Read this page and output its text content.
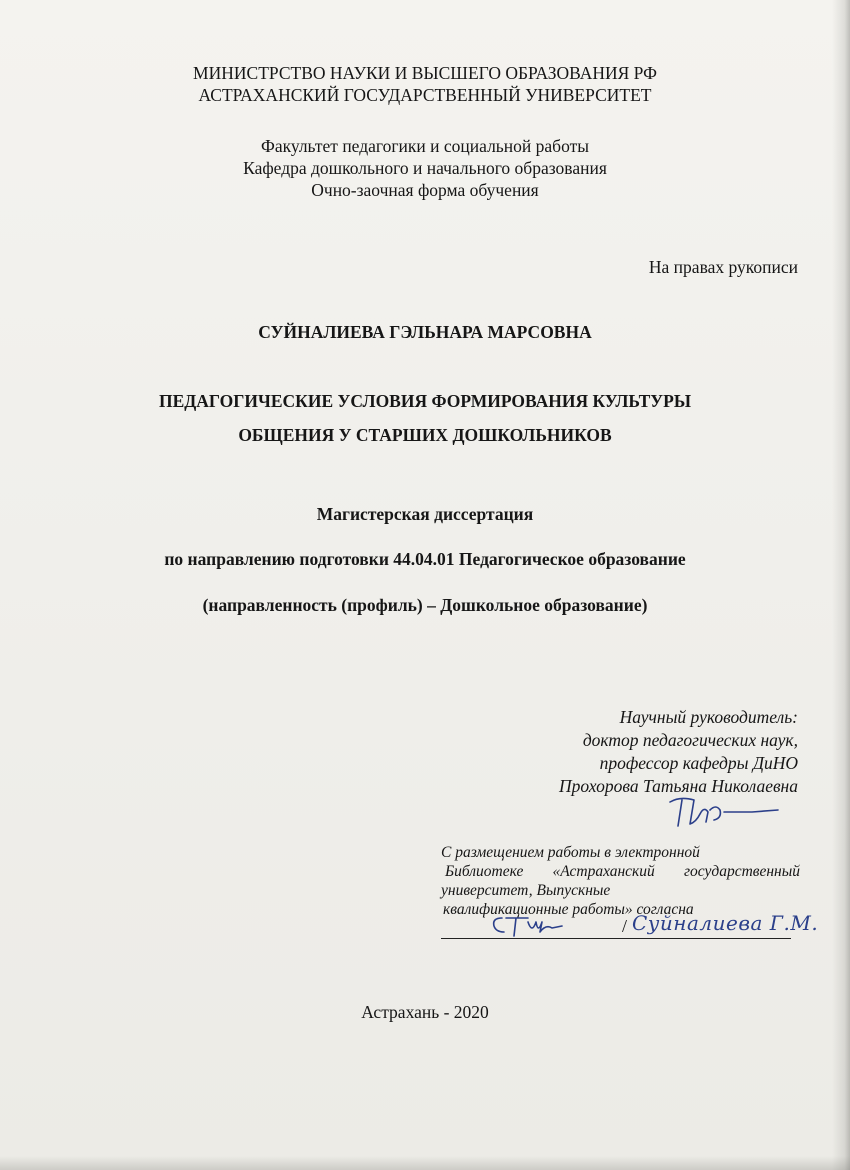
МИНИСТРСТВО НАУКИ И ВЫСШЕГО ОБРАЗОВАНИЯ РФ
АСТРАХАНСКИЙ ГОСУДАРСТВЕННЫЙ УНИВЕРСИТЕТ
Факультет педагогики и социальной работы
Кафедра дошкольного и начального образования
Очно-заочная форма обучения
На правах рукописи
СУЙНАЛИЕВА ГЭЛЬНАРА МАРСОВНА
ПЕДАГОГИЧЕСКИЕ УСЛОВИЯ ФОРМИРОВАНИЯ КУЛЬТУРЫ
ОБЩЕНИЯ У СТАРШИХ ДОШКОЛЬНИКОВ
Магистерская диссертация
по направлению подготовки 44.04.01 Педагогическое образование
(направленность (профиль) – Дошкольное образование)
Научный руководитель:
доктор педагогических наук,
профессор кафедры ДиНО
Прохорова Татьяна Николаевна
С размещением работы в электронной
Библиотеке «Астраханский государственный
университет, Выпускные
квалификационные работы» согласна
/ Суйналиева Г.М.
Астрахань - 2020
